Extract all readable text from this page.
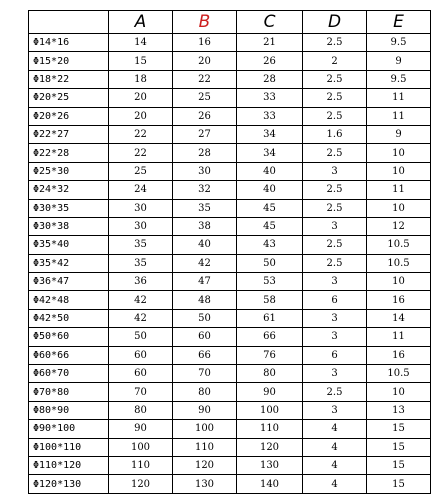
	A	B	C	D	E
Φ14*16	14	16	21	2.5	9.5
Φ15*20	15	20	26	2	9
Φ18*22	18	22	28	2.5	9.5
Φ20*25	20	25	33	2.5	11
Φ20*26	20	26	33	2.5	11
Φ22*27	22	27	34	1.6	9
Φ22*28	22	28	34	2.5	10
Φ25*30	25	30	40	3	10
Φ24*32	24	32	40	2.5	11
Φ30*35	30	35	45	2.5	10
Φ30*38	30	38	45	3	12
Φ35*40	35	40	43	2.5	10.5
Φ35*42	35	42	50	2.5	10.5
Φ36*47	36	47	53	3	10
Φ42*48	42	48	58	6	16
Φ42*50	42	50	61	3	14
Φ50*60	50	60	66	3	11
Φ60*66	60	66	76	6	16
Φ60*70	60	70	80	3	10.5
Φ70*80	70	80	90	2.5	10
Φ80*90	80	90	100	3	13
Φ90*100	90	100	110	4	15
Φ100*110	100	110	120	4	15
Φ110*120	110	120	130	4	15
Φ120*130	120	130	140	4	15
